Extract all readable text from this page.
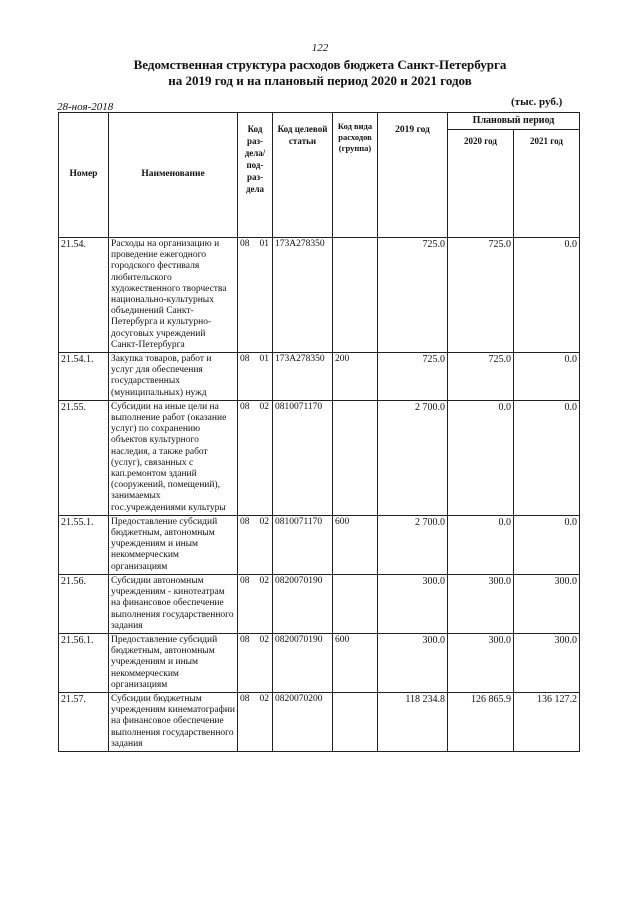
122
Ведомственная структура расходов бюджета Санкт-Петербурга
на 2019 год и на плановый период 2020 и 2021 годов
28-ноя-2018	(тыс. руб.)
Номер	Наименование	Код раз-дела/ под-раз-дела	Код целевой статьи	Код вида расходов (группа)	2019 год	Плановый период	
						2020 год	2021 год
21.54.	Расходы на организацию и проведение ежегодного городского фестиваля любительского художественного творчества национально-культурных объединений Санкт-Петербурга и культурно-досуговых учреждений Санкт-Петербурга	08 01	173А278350		725.0	725.0	0.0
21.54.1.	Закупка товаров, работ и услуг для обеспечения государственных (муниципальных) нужд	08 01	173А278350	200	725.0	725.0	0.0
21.55.	Субсидии на иные цели на выполнение работ (оказание услуг) по сохранению объектов культурного наследия, а также работ (услуг), связанных с кап.ремонтом зданий (сооружений, помещений), занимаемых гос.учреждениями культуры	08 02	0810071170		2 700.0	0.0	0.0
21.55.1.	Предоставление субсидий бюджетным, автономным учреждениям и иным некоммерческим организациям	08 02	0810071170	600	2 700.0	0.0	0.0
21.56.	Субсидии автономным учреждениям - кинотеатрам на финансовое обеспечение выполнения государственного задания	08 02	0820070190		300.0	300.0	300.0
21.56.1.	Предоставление субсидий бюджетным, автономным учреждениям и иным некоммерческим организациям	08 02	0820070190	600	300.0	300.0	300.0
21.57.	Субсидии бюджетным учреждениям кинематографии на финансовое обеспечение выполнения государственного задания	08 02	0820070200		118 234.8	126 865.9	136 127.2
